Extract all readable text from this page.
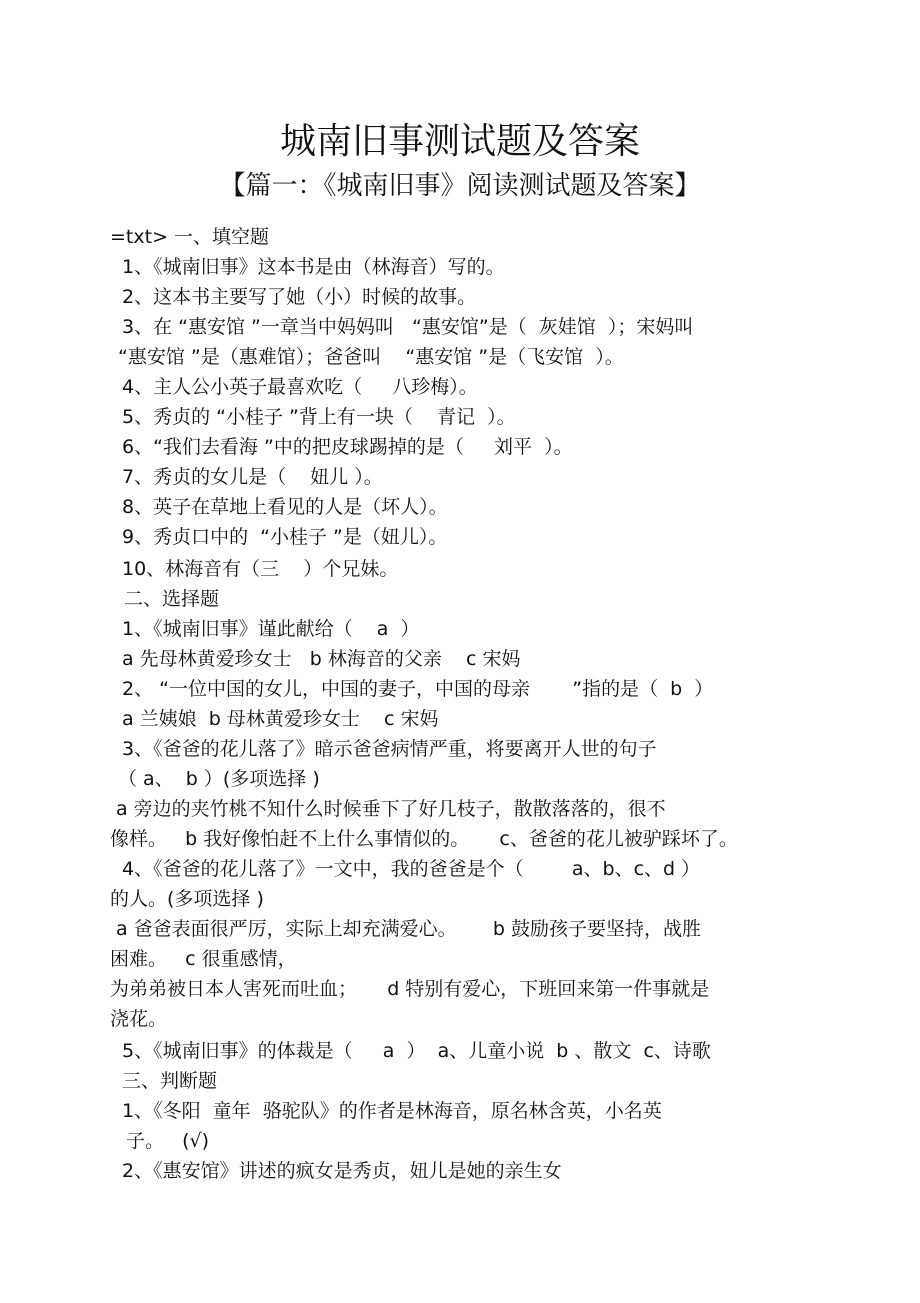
城南旧事测试题及答案
【篇一：《城南旧事》阅读测试题及答案】
=txt> 一、填空题
1、《城南旧事》这本书是由（林海音）写的。
2、这本书主要写了她（小）时候的故事。
3、在 “惠安馆 ”一章当中妈妈叫   “惠安馆”是（  灰娃馆  ）；宋妈叫
“惠安馆 ”是（惠难馆）；爸爸叫    “惠安馆 ”是（飞安馆  ）。
4、主人公小英子最喜欢吃（     八珍梅）。
5、秀贞的 “小桂子 ”背上有一块（    青记  ）。
6、“我们去看海 ”中的把皮球踢掉的是（     刘平  ）。
7、秀贞的女儿是（    妞儿 ）。
8、英子在草地上看见的人是（坏人）。
9、秀贞口中的  “小桂子 ”是（妞儿）。
10、林海音有（三    ）个兄妹。
二、选择题
1、《城南旧事》谨此献给（    a  ）
a 先母林黄爱珍女士   b 林海音的父亲    c 宋妈
2、 “一位中国的女儿，中国的妻子，中国的母亲       ”指的是（  b  ）
a 兰姨娘  b 母林黄爱珍女士    c 宋妈
3、《爸爸的花儿落了》暗示爸爸病情严重，将要离开人世的句子
（ a、  b ）(多项选择 )
a 旁边的夹竹桃不知什么时候垂下了好几枝子，散散落落的，很不
像样。   b 我好像怕赶不上什么事情似的。     c、爸爸的花儿被驴踩坏了。
4、《爸爸的花儿落了》一文中，我的爸爸是个（        a、b、c、d ）
的人。(多项选择 )
a 爸爸表面很严厉，实际上却充满爱心。      b 鼓励孩子要坚持，战胜
困难。   c 很重感情，
为弟弟被日本人害死而吐血；     d 特别有爱心，下班回来第一件事就是
浇花。
5、《城南旧事》的体裁是（     a  ）  a、儿童小说  b 、散文  c、诗歌
三、判断题
1、《冬阳  童年  骆驼队》的作者是林海音，原名林含英，小名英
子。   (√)
2、《惠安馆》讲述的疯女是秀贞，妞儿是她的亲生女
